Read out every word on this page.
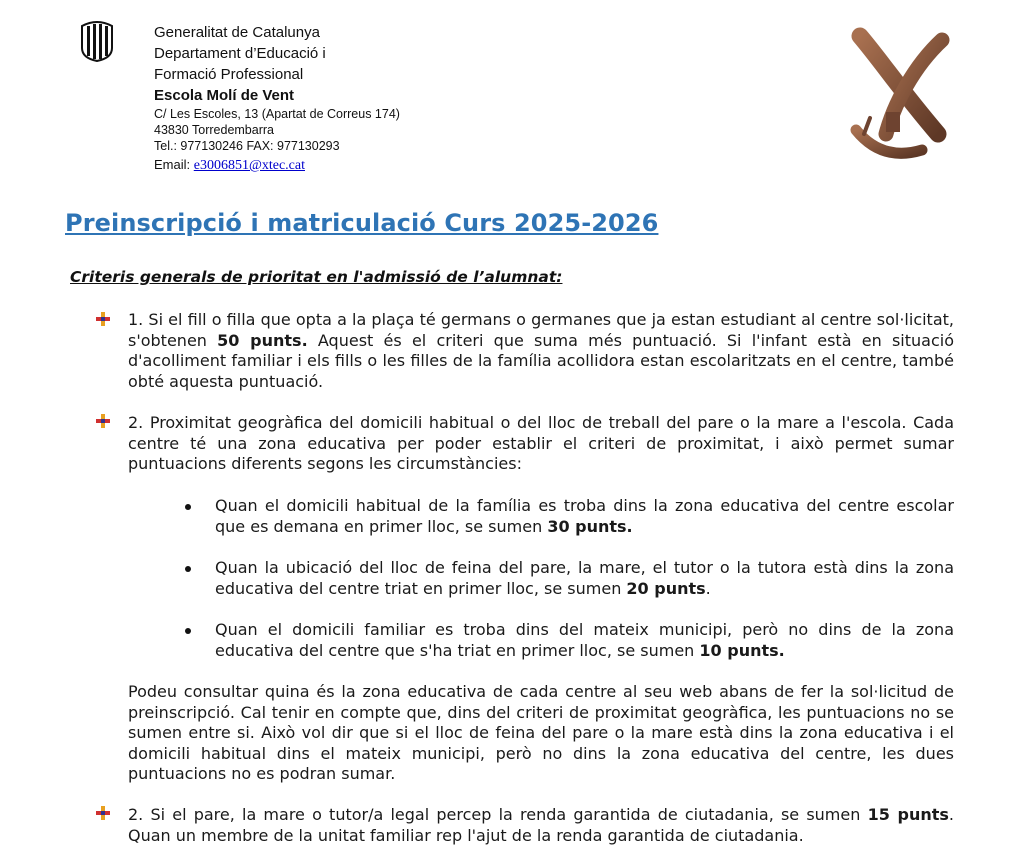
Generalitat de Catalunya
Departament d’Educació i
Formació Professional
Escola Molí de Vent
C/ Les Escoles, 13 (Apartat de Correus 174)
43830 Torredembarra
Tel.: 977130246 FAX: 977130293
Email: e3006851@xtec.cat
Preinscripció i matriculació Curs 2025-2026
Criteris generals de prioritat en l'admissió de l’alumnat:
1. Si el fill o filla que opta a la plaça té germans o germanes que ja estan estudiant al centre sol·licitat, s'obtenen 50 punts. Aquest és el criteri que suma més puntuació. Si l'infant està en situació d'acolliment familiar i els fills o les filles de la família acollidora estan escolaritzats en el centre, també obté aquesta puntuació.
2. Proximitat geogràfica del domicili habitual o del lloc de treball del pare o la mare a l'escola. Cada centre té una zona educativa per poder establir el criteri de proximitat, i això permet sumar puntuacions diferents segons les circumstàncies:
Quan el domicili habitual de la família es troba dins la zona educativa del centre escolar que es demana en primer lloc, se sumen 30 punts.
Quan la ubicació del lloc de feina del pare, la mare, el tutor o la tutora està dins la zona educativa del centre triat en primer lloc, se sumen 20 punts.
Quan el domicili familiar es troba dins del mateix municipi, però no dins de la zona educativa del centre que s'ha triat en primer lloc, se sumen 10 punts.
Podeu consultar quina és la zona educativa de cada centre al seu web abans de fer la sol·licitud de preinscripció. Cal tenir en compte que, dins del criteri de proximitat geogràfica, les puntuacions no se sumen entre si. Això vol dir que si el lloc de feina del pare o la mare està dins la zona educativa i el domicili habitual dins el mateix municipi, però no dins la zona educativa del centre, les dues puntuacions no es podran sumar.
2. Si el pare, la mare o tutor/a legal percep la renda garantida de ciutadania, se sumen 15 punts. Quan un membre de la unitat familiar rep l'ajut de la renda garantida de ciutadania.
